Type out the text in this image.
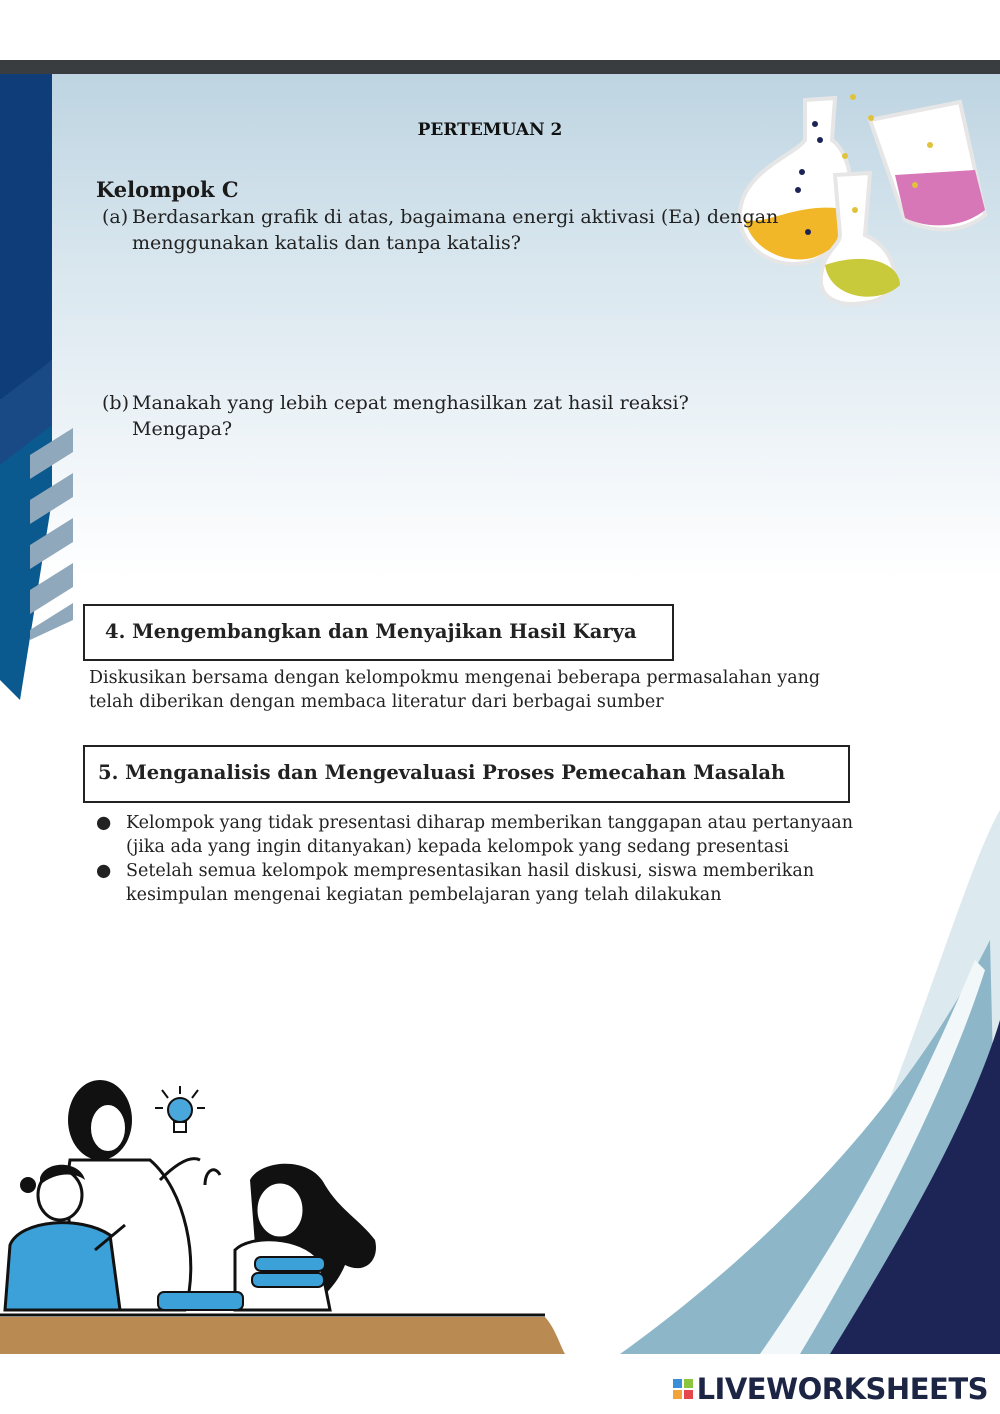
PERTEMUAN 2
Kelompok C
(a) Berdasarkan grafik di atas, bagaimana energi aktivasi (Ea) dengan menggunakan katalis dan tanpa katalis?
(b) Manakah yang lebih cepat menghasilkan zat hasil reaksi? Mengapa?
4. Mengembangkan dan Menyajikan Hasil Karya
Diskusikan bersama dengan kelompokmu mengenai beberapa permasalahan yang telah diberikan dengan membaca literatur dari berbagai sumber
5. Menganalisis dan Mengevaluasi Proses Pemecahan Masalah
● Kelompok yang tidak presentasi diharap memberikan tanggapan atau pertanyaan (jika ada yang ingin ditanyakan) kepada kelompok yang sedang presentasi
● Setelah semua kelompok mempresentasikan hasil diskusi, siswa memberikan kesimpulan mengenai kegiatan pembelajaran yang telah dilakukan
LIVEWORKSHEETS
